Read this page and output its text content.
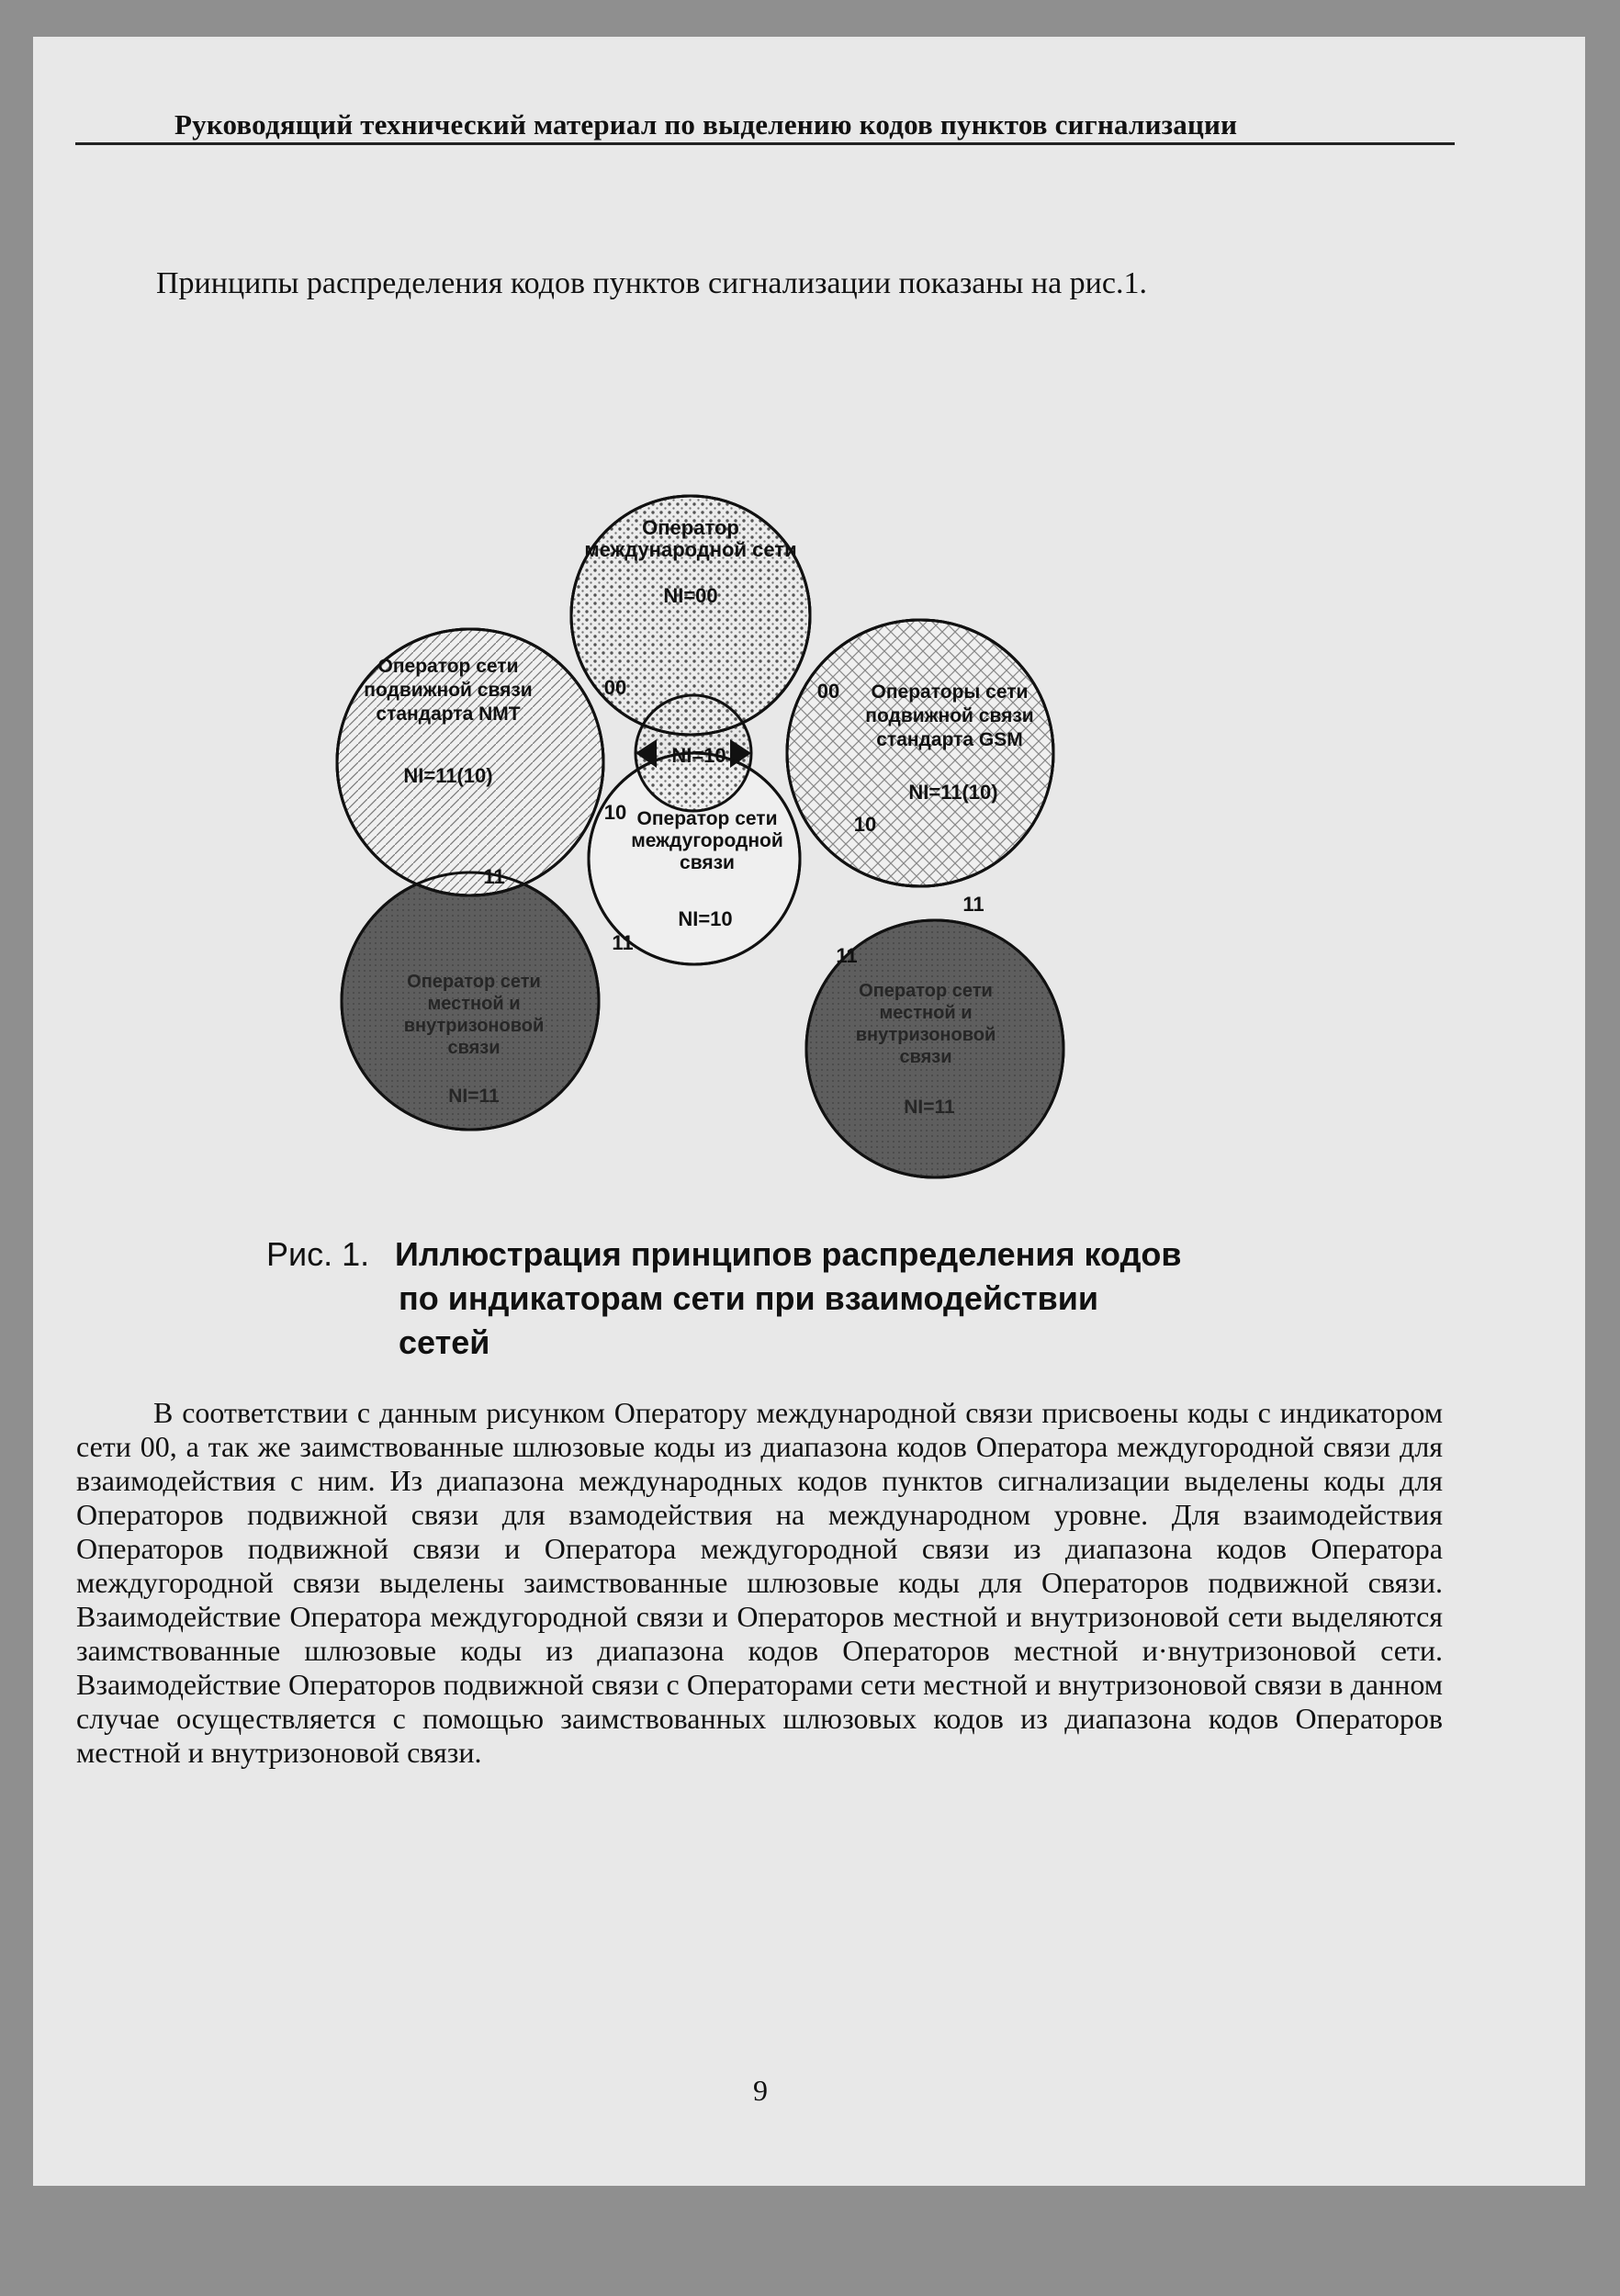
Руководящий технический материал по выделению кодов пунктов сигнализации
Принципы распределения кодов пунктов сигнализации показаны на рис.1.
Оператор
международной сети
NI=00
Оператор сети
подвижной связи
стандарта NMT
NI=11(10)
Операторы сети
подвижной связи
стандарта GSM
NI=11(10)
NI=10
Оператор сети
междугородной
связи
NI=10
Оператор сети
местной и
внутризоновой
связи
NI=11
Оператор сети
местной и
внутризоновой
связи
NI=11
00	00
10
10
11
11
11
11
Рис. 1. Иллюстрация принципов распределения кодов
по индикаторам сети при взаимодействии
сетей

В соответствии с данным рисунком Оператору международной связи присвоены коды с индикатором сети 00, а так же заимствованные шлюзовые коды из диапазона кодов Оператора междугородной связи для взаимодействия с ним. Из диапазона международных кодов пунктов сигнализации выделены коды для Операторов подвижной связи для взамодействия на международном уровне. Для взаимодействия Операторов подвижной связи и Оператора междугородной связи из диапазона кодов Оператора междугородной связи выделены заимствованные шлюзовые коды для Операторов подвижной связи. Взаимодействие Оператора междугородной связи и Операторов местной и внутризоновой сети выделяются заимствованные шлюзовые коды из диапазона кодов Операторов местной и·внутризоновой сети. Взаимодействие Операторов подвижной связи с Операторами сети местной и внутризоновой связи в данном случае осуществляется с помощью заимствованных шлюзовых кодов из диапазона кодов Операторов местной и внутризоновой связи.

9
